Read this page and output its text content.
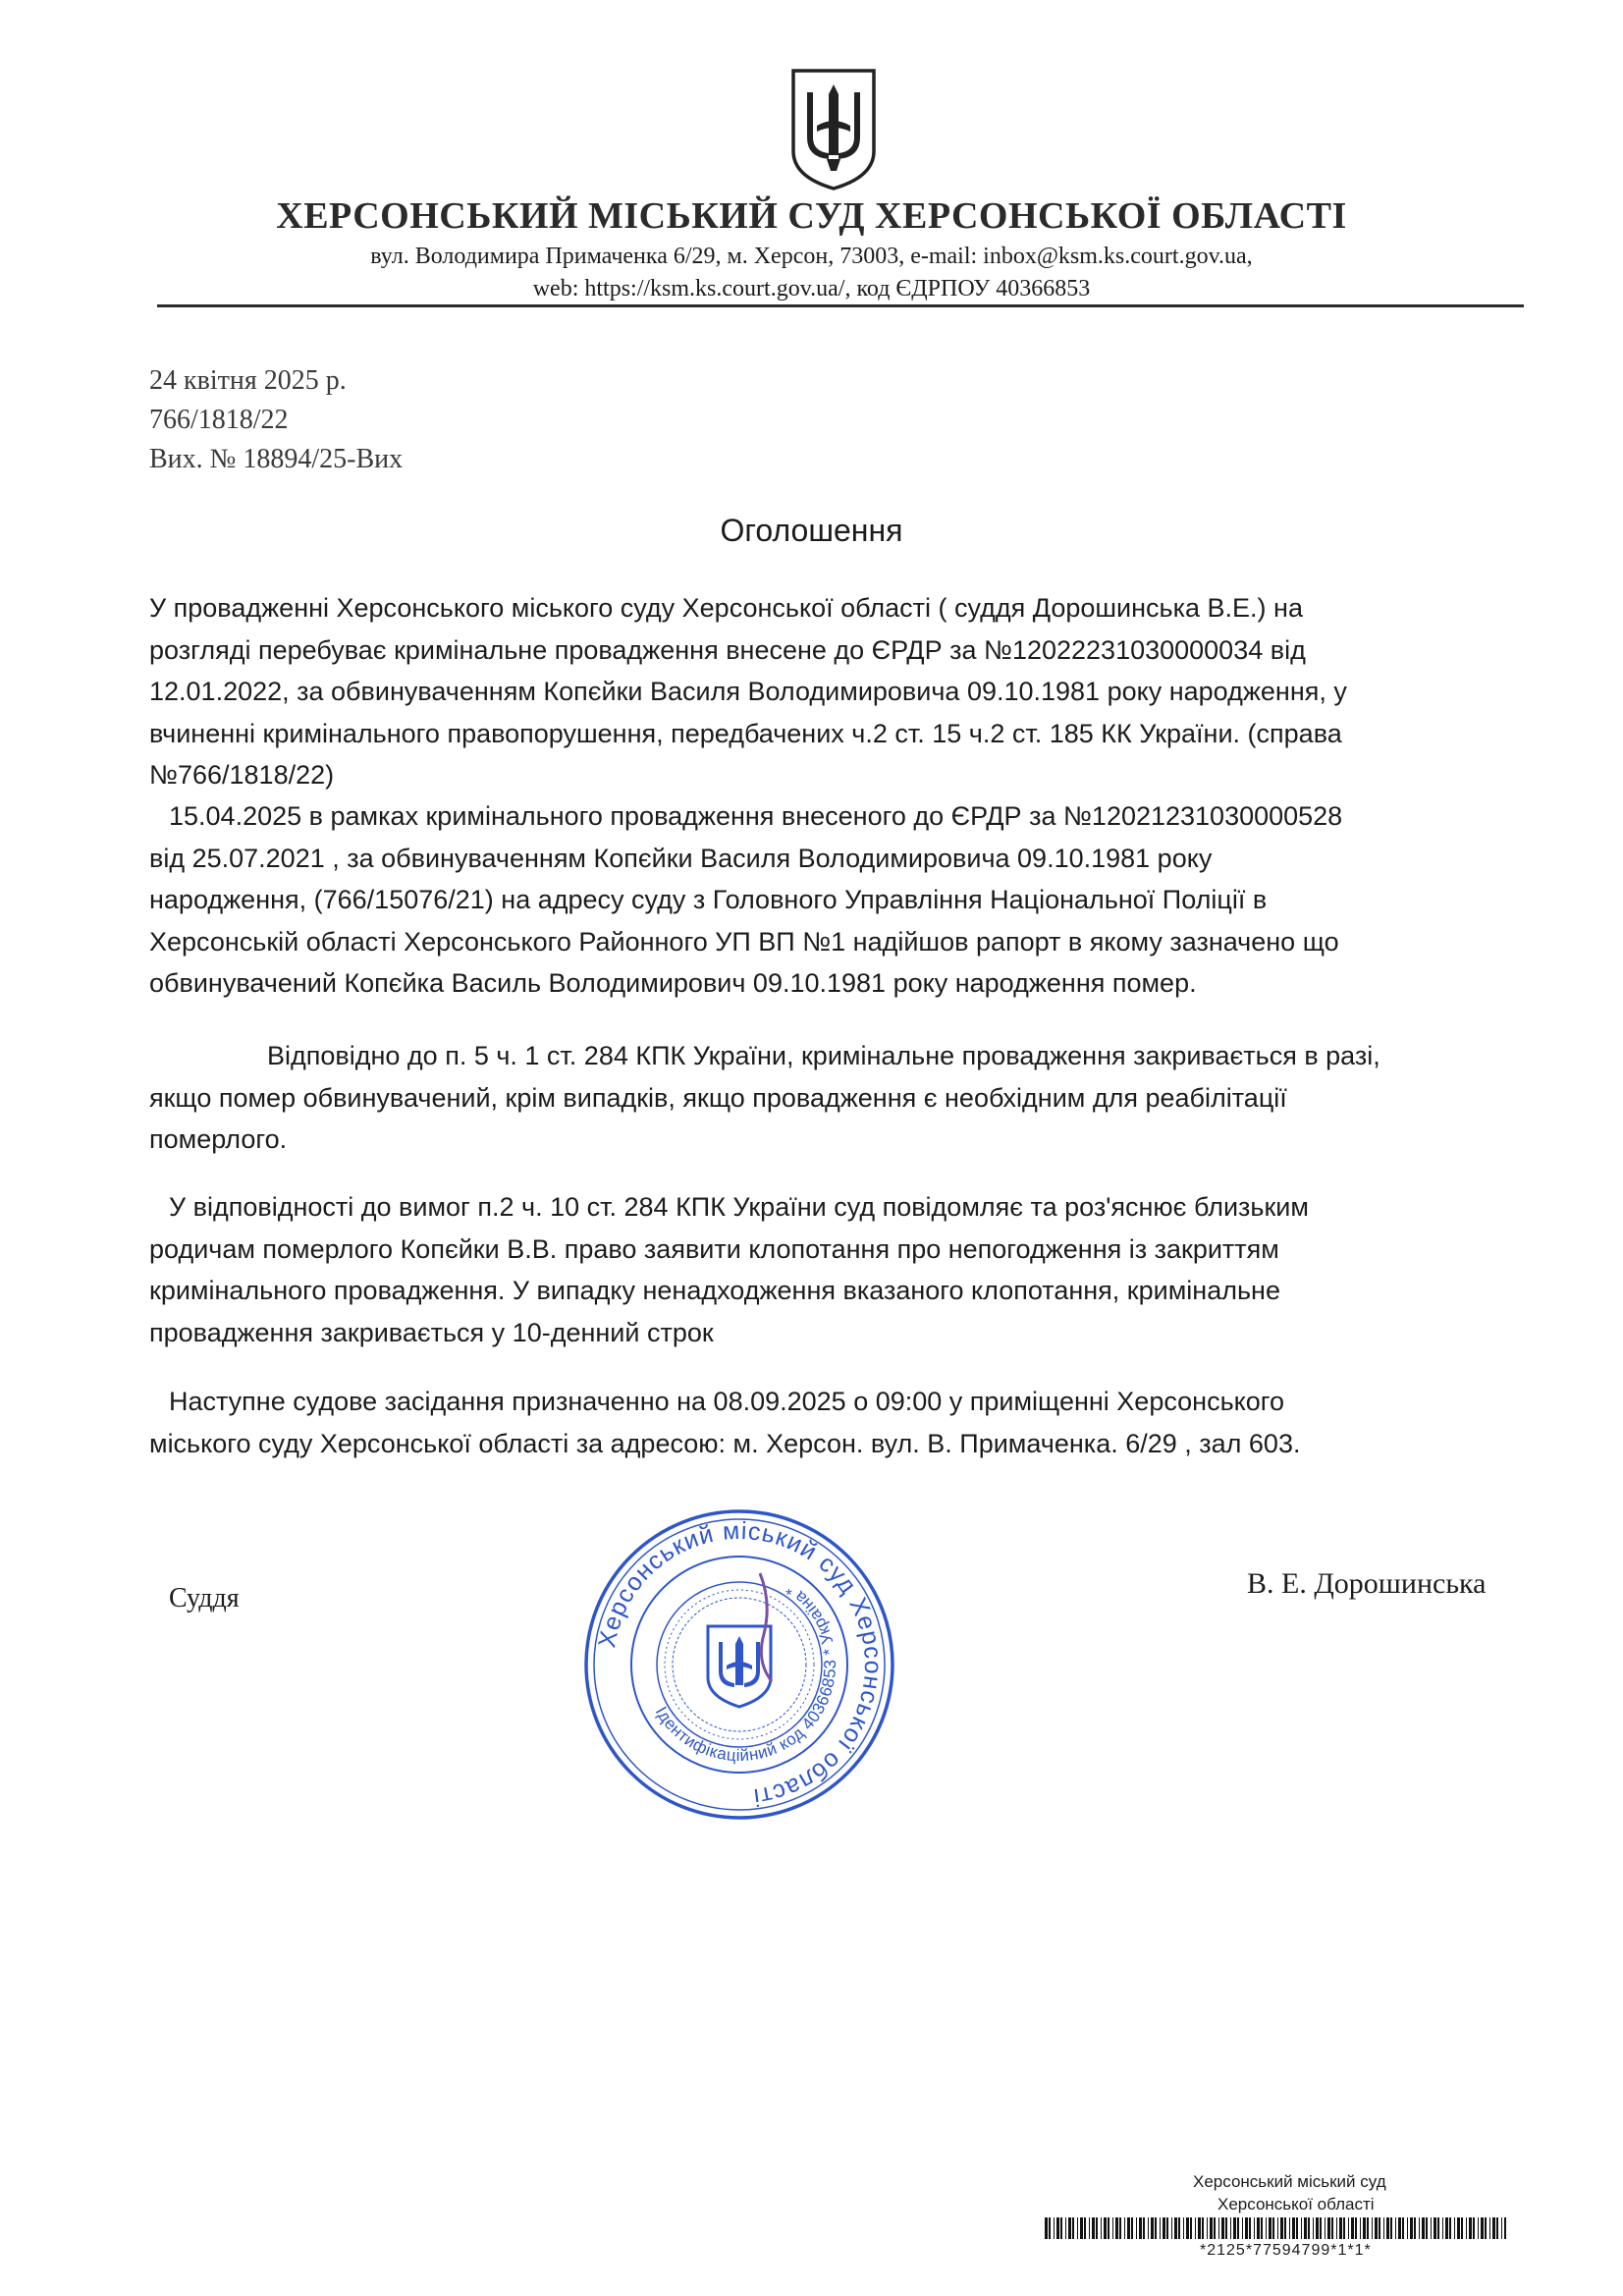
ХЕРСОНСЬКИЙ МІСЬКИЙ СУД ХЕРСОНСЬКОЇ ОБЛАСТІ
вул. Володимира Примачeнка 6/29, м. Херсон, 73003, e-mail: inbox@ksm.ks.court.gov.ua,
web: https://ksm.ks.court.gov.ua/, код ЄДРПОУ 40366853
24 квітня 2025 р.
766/1818/22
Вих. № 18894/25-Вих
Оголошення
У провадженні Херсонського міського суду Херсонської області ( суддя Дорошинська В.Е.) на
розгляді перебуває кримінальне провадження внесене до ЄРДР за №12022231030000034 від
12.01.2022, за обвинуваченням Копєйки Василя Володимировича 09.10.1981 року народження, у
вчиненні кримінального правопорушення, передбачених ч.2 ст. 15 ч.2 ст. 185 КК України. (справа
№766/1818/22)
15.04.2025 в рамках кримінального провадження внесеного до ЄРДР за №12021231030000528
від 25.07.2021 , за обвинуваченням Копєйки Василя Володимировича 09.10.1981 року
народження, (766/15076/21) на адресу суду з Головного Управління Національної Поліції в
Херсонській області Херсонського Районного УП ВП №1 надійшов рапорт в якому зазначено що
обвинувачений Копєйка Василь Володимирович 09.10.1981 року народження помер.
Відповідно до п. 5 ч. 1 ст. 284 КПК України, кримінальне провадження закривається в разі,
якщо помер обвинувачений, крім випадків, якщо провадження є необхідним для реабілітації
померлого.
У відповідності до вимог п.2 ч. 10 ст. 284 КПК України суд повідомляє та роз'яснює близьким
родичам померлого Копєйки В.В. право заявити клопотання про непогодження із закриттям
кримінального провадження. У випадку ненадходження вказаного клопотання, кримінальне
провадження закривається у 10-денний строк
Наступне судове засідання призначенно на 08.09.2025 о 09:00 у приміщенні Херсонського
міського суду Херсонської області за адресою: м. Херсон. вул. В. Примачeнка. 6/29 , зал 603.
Суддя	В. Е. Дорошинська
Херсонський міський суд Херсонської області
Ідентифікаційний код 40366853 * Україна *
Херсонський міський суд
Херсонської області
*2125*77594799*1*1*
